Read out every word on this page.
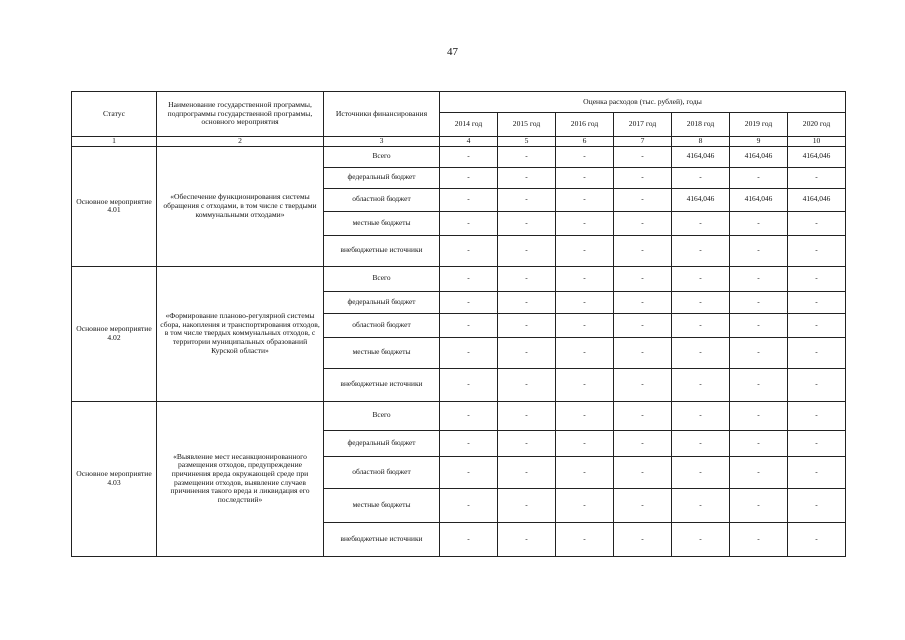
47
Статус	Наименование государственной программы, подпрограммы государственной программы, основного мероприятия	Источники финансирования	Оценка расходов (тыс. рублей), годы						
			2014 год	2015 год	2016 год	2017 год	2018 год	2019 год	2020 год
1	2	3	4	5	6	7	8	9	10
Основное мероприятие 4.01	«Обеспечение функционирования системы обращения с отходами, в том числе с твердыми коммунальными отходами»	Всего	-	-	-	-	4164,046	4164,046	4164,046
		федеральный бюджет	-	-	-	-	-	-	-
		областной бюджет	-	-	-	-	4164,046	4164,046	4164,046
		местные бюджеты	-	-	-	-	-	-	-
		внебюджетные источники	-	-	-	-	-	-	-
Основное мероприятие 4.02	«Формирование планово-регулярной системы сбора, накопления и транспортирования отходов, в том числе твердых коммунальных отходов, с территории муниципальных образований Курской области»	Всего	-	-	-	-	-	-	-
		федеральный бюджет	-	-	-	-	-	-	-
		областной бюджет	-	-	-	-	-	-	-
		местные бюджеты	-	-	-	-	-	-	-
		внебюджетные источники	-	-	-	-	-	-	-
Основное мероприятие 4.03	«Выявление мест несанкционированного размещения отходов, предупреждение причинения вреда окружающей среде при размещении отходов, выявление случаев причинения такого вреда и ликвидация его последствий»	Всего	-	-	-	-	-	-	-
		федеральный бюджет	-	-	-	-	-	-	-
		областной бюджет	-	-	-	-	-	-	-
		местные бюджеты	-	-	-	-	-	-	-
		внебюджетные источники	-	-	-	-	-	-	-
